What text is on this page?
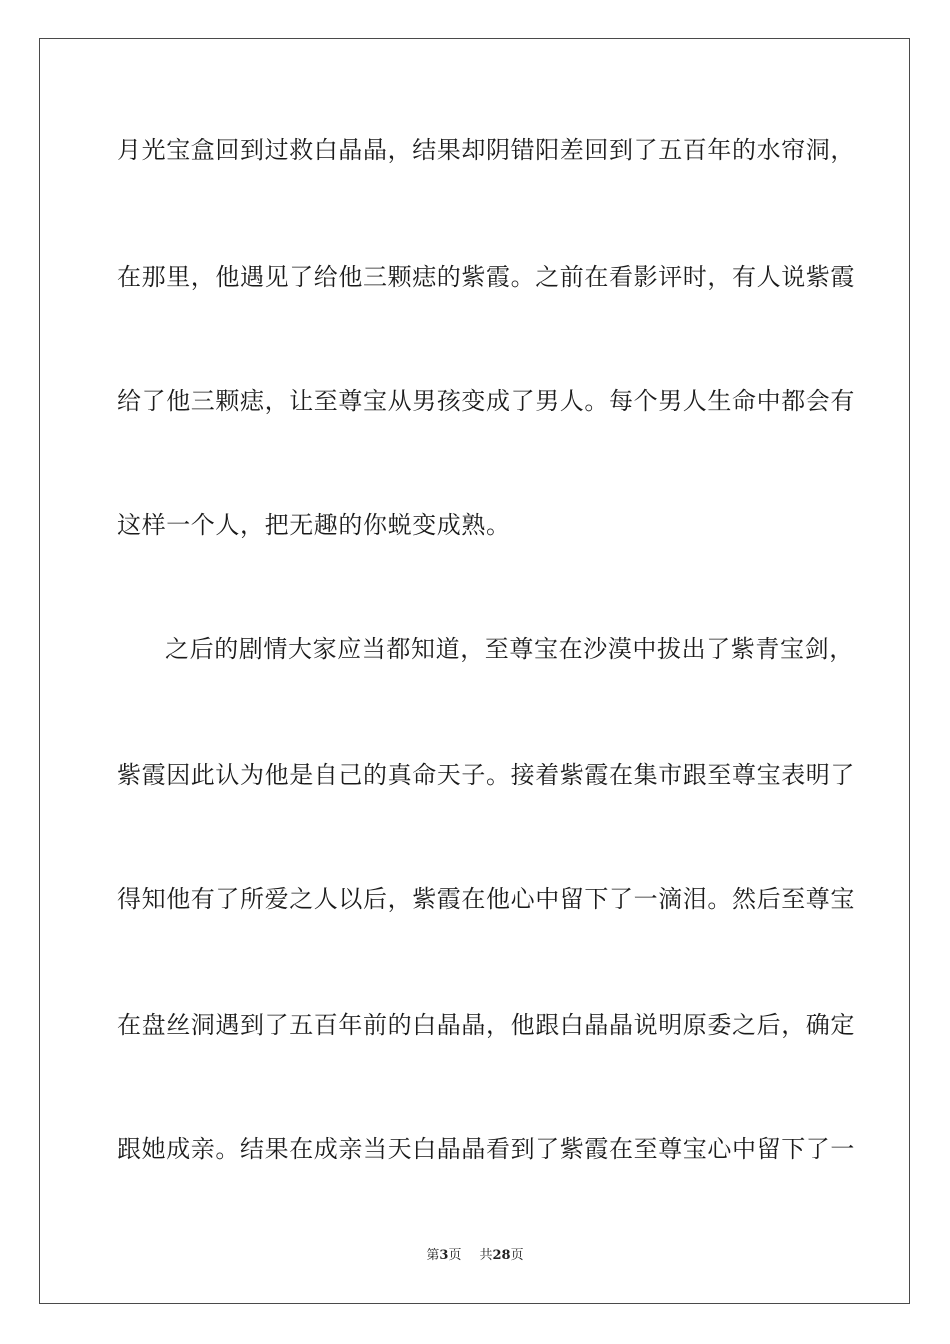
月光宝盒回到过救白晶晶，结果却阴错阳差回到了五百年的水帘洞，
在那里，他遇见了给他三颗痣的紫霞。之前在看影评时，有人说紫霞
给了他三颗痣，让至尊宝从男孩变成了男人。每个男人生命中都会有
这样一个人，把无趣的你蜕变成熟。
之后的剧情大家应当都知道，至尊宝在沙漠中拔出了紫青宝剑，
紫霞因此认为他是自己的真命天子。接着紫霞在集市跟至尊宝表明了
得知他有了所爱之人以后，紫霞在他心中留下了一滴泪。然后至尊宝
在盘丝洞遇到了五百年前的白晶晶，他跟白晶晶说明原委之后，确定
跟她成亲。结果在成亲当天白晶晶看到了紫霞在至尊宝心中留下了一
第3页 共28页
